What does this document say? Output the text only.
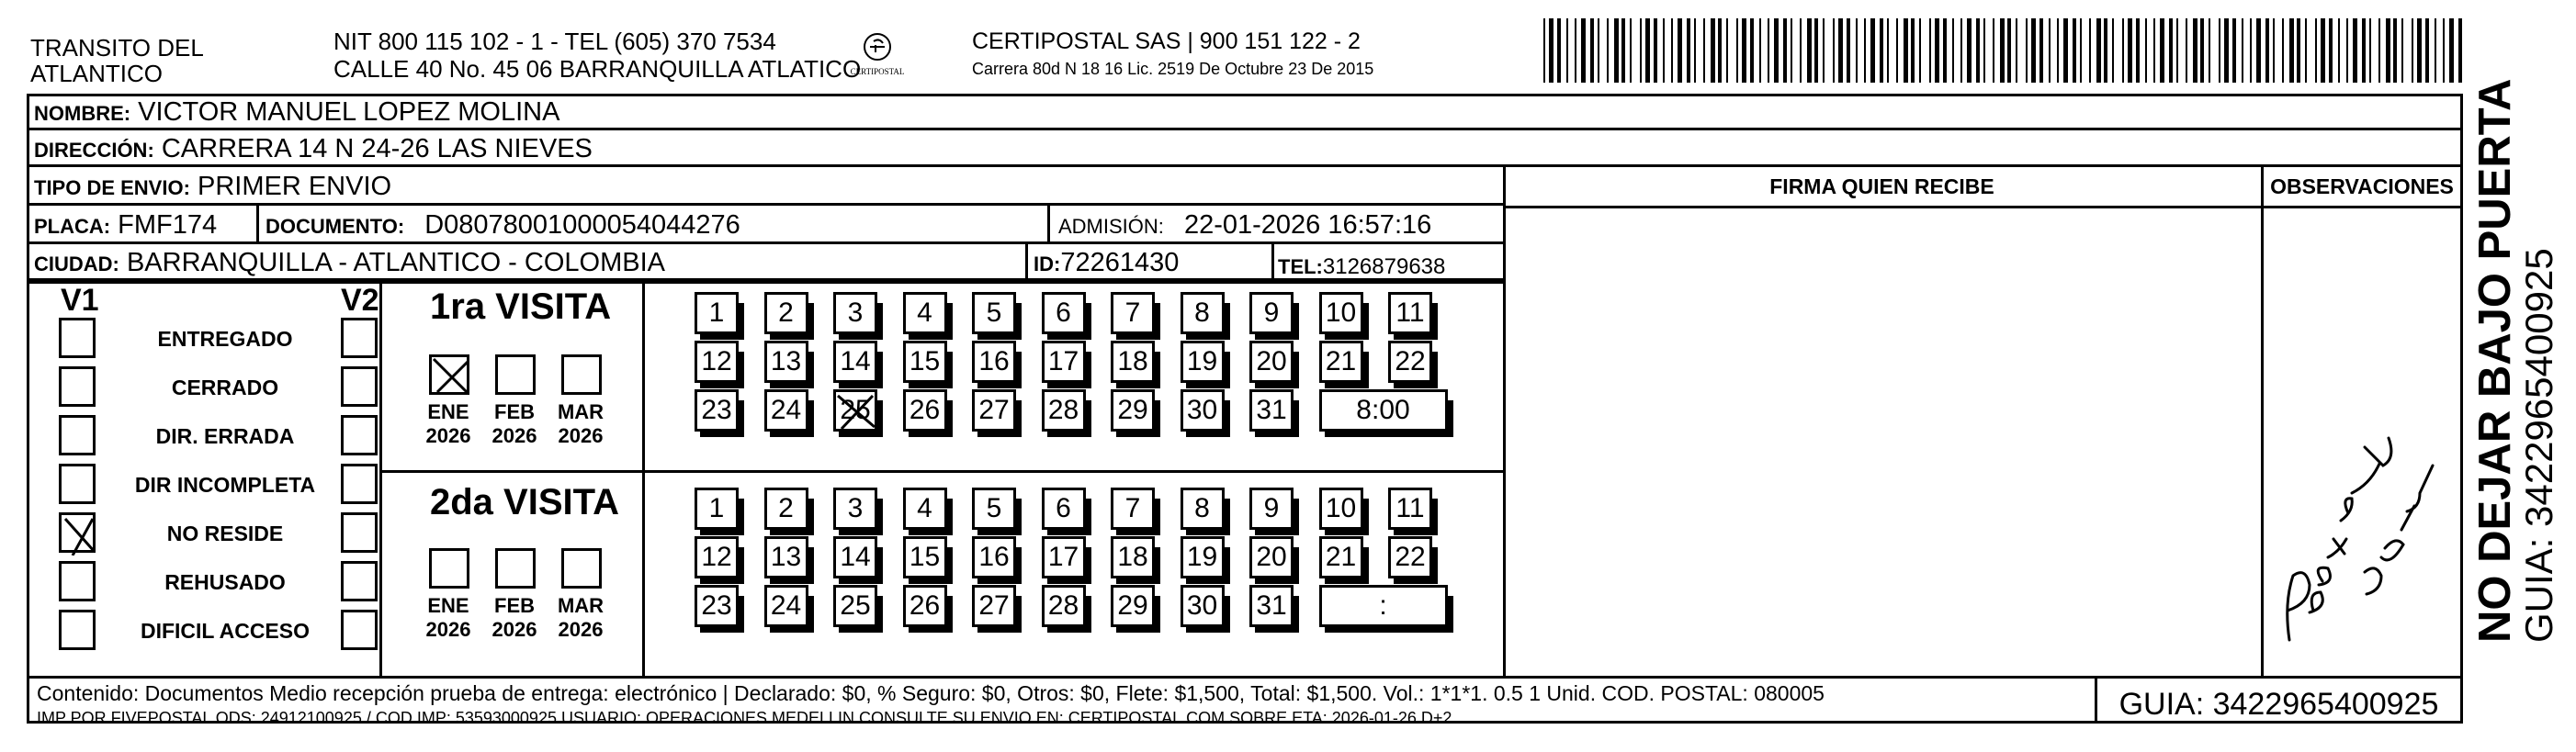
TRANSITO DEL
ATLANTICO
NIT 800 115 102 - 1 - TEL (605) 370 7534
CALLE 40 No. 45 06 BARRANQUILLA ATLATICO
CERTIPOSTAL
CERTIPOSTAL SAS | 900 151 122 - 2
Carrera 80d N 18 16 Lic. 2519 De Octubre 23 De 2015
NOMBRE: VICTOR MANUEL LOPEZ MOLINA
DIRECCIÓN: CARRERA 14 N 24-26 LAS NIEVES
TIPO DE ENVIO: PRIMER ENVIO
PLACA: FMF174 DOCUMENTO: D08078001000054044276	ADMISIÓN: 22-01-2026 16:57:16
CIUDAD: BARRANQUILLA - ATLANTICO - COLOMBIA	ID:72261430	TEL:3126879638
FIRMA QUIEN RECIBE	OBSERVACIONES
V1	V2
ENTREGADO
CERRADO
DIR. ERRADA
DIR INCOMPLETA
NO RESIDE
REHUSADO
DIFICIL ACCESO
1ra VISITA
2da VISITA
ENE
2026
FEB
2026
MAR
2026
ENE
2026
FEB
2026
MAR
2026
1	2	3	4	5	6	7	8	9	10 11
12 13 14 15 16 17 18 19 20 21 22
23 24 25 26 27 28 29 30 31	8:00
1	2	3	4	5	6	7	8	9	10 11
12 13 14 15 16 17 18 19 20 21 22
23 24 25 26 27 28 29 30 31	:
Contenido: Documentos Medio recepción prueba de entrega: electrónico | Declarado: $0, % Seguro: $0, Otros: $0, Flete: $1,500, Total: $1,500. Vol.: 1*1*1. 0.5 1 Unid. COD. POSTAL: 080005
IMP POR FIVEPOSTAL ODS: 24912100925 / COD.IMP: 53593000925 USUARIO: OPERACIONES MEDELLIN CONSULTE SU ENVIO EN: CERTIPOSTAL.COM SOBRE ETA: 2026-01-26 D+2	GUIA: 3422965400925
NO DEJAR BAJO PUERTA
GUIA: 3422965400925
